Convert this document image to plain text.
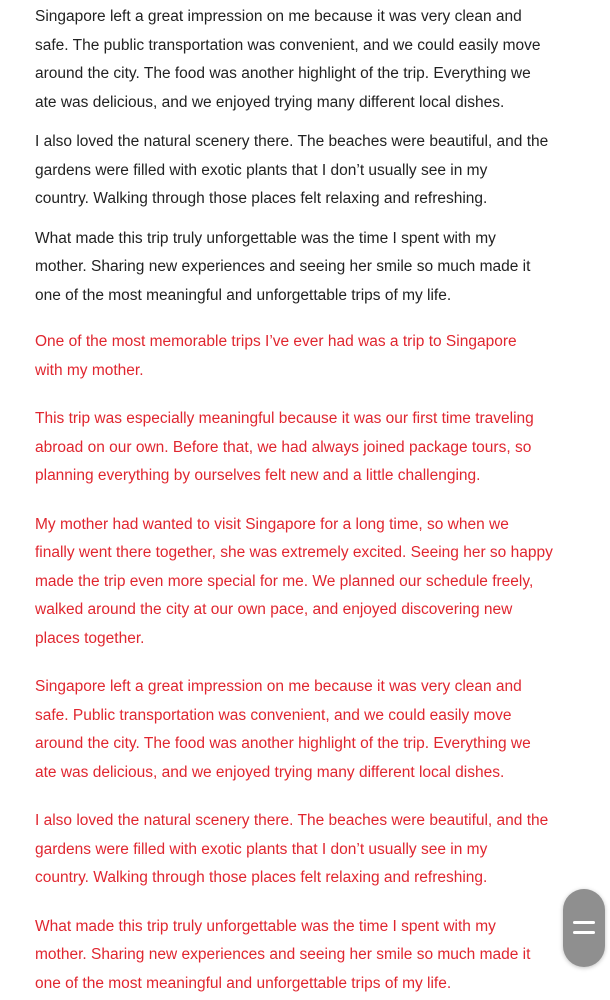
Singapore left a great impression on me because it was very clean and
safe. The public transportation was convenient, and we could easily move
around the city. The food was another highlight of the trip. Everything we
ate was delicious, and we enjoyed trying many different local dishes.

I also loved the natural scenery there. The beaches were beautiful, and the
gardens were filled with exotic plants that I don’t usually see in my
country. Walking through those places felt relaxing and refreshing.

What made this trip truly unforgettable was the time I spent with my
mother. Sharing new experiences and seeing her smile so much made it
one of the most meaningful and unforgettable trips of my life.

One of the most memorable trips I’ve ever had was a trip to Singapore
with my mother.

This trip was especially meaningful because it was our first time traveling
abroad on our own. Before that, we had always joined package tours, so
planning everything by ourselves felt new and a little challenging.

My mother had wanted to visit Singapore for a long time, so when we
finally went there together, she was extremely excited. Seeing her so happy
made the trip even more special for me. We planned our schedule freely,
walked around the city at our own pace, and enjoyed discovering new
places together.

Singapore left a great impression on me because it was very clean and
safe. Public transportation was convenient, and we could easily move
around the city. The food was another highlight of the trip. Everything we
ate was delicious, and we enjoyed trying many different local dishes.

I also loved the natural scenery there. The beaches were beautiful, and the
gardens were filled with exotic plants that I don’t usually see in my
country. Walking through those places felt relaxing and refreshing.

What made this trip truly unforgettable was the time I spent with my
mother. Sharing new experiences and seeing her smile so much made it
one of the most meaningful and unforgettable trips of my life.
